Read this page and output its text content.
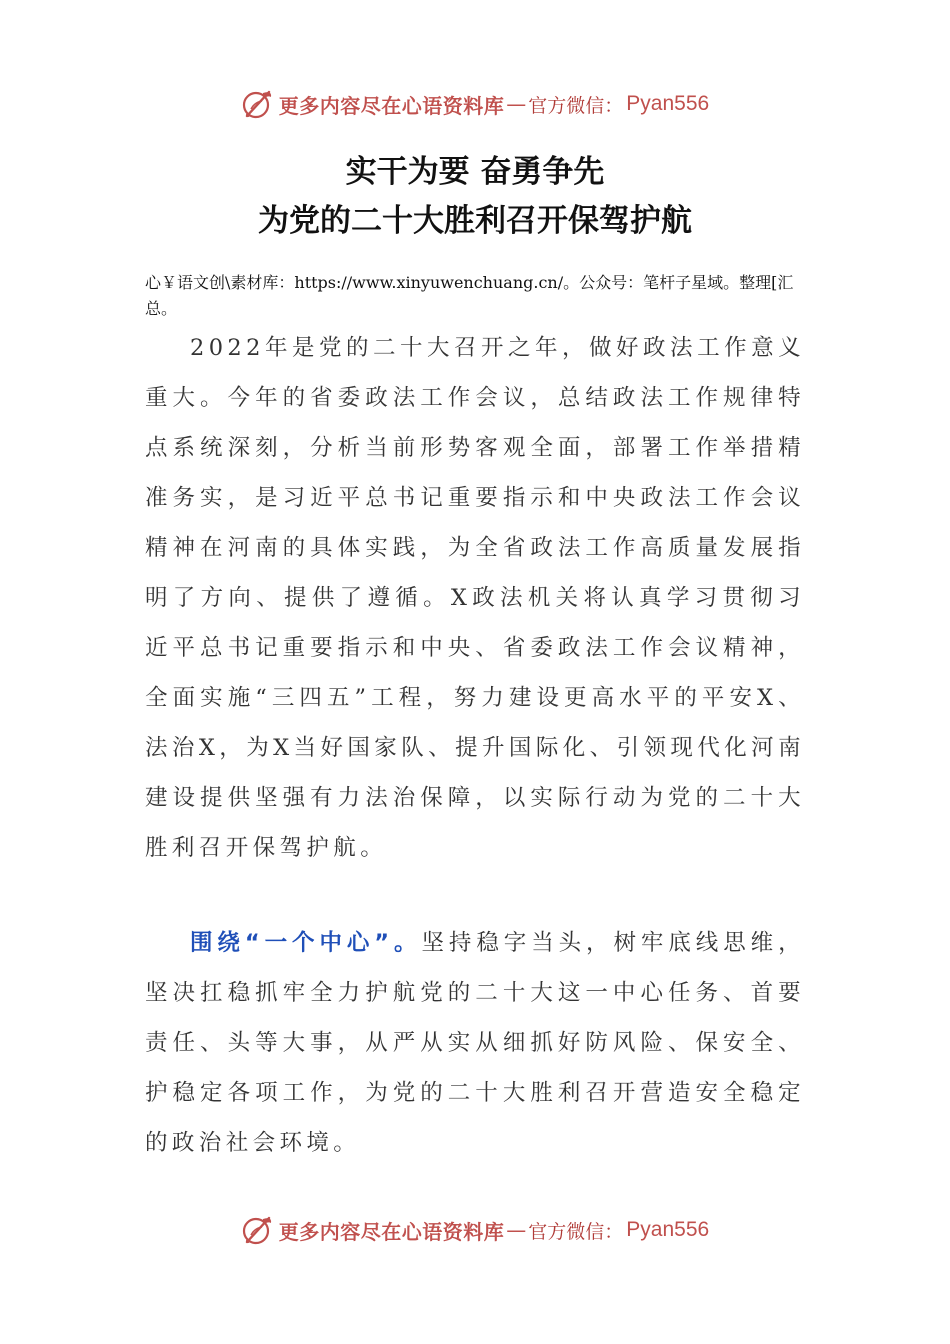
更多内容尽在心语资料库 — 官方微信： Pyan556
实干为要 奋勇争先
为党的二十大胜利召开保驾护航

心￥语文创\素材库：https://www.xinyuwenchuang.cn/。公众号：笔杆子星域。整理[汇总。

2022年是党的二十大召开之年，做好政法工作意义重大。今年的省委政法工作会议，总结政法工作规律特点系统深刻，分析当前形势客观全面，部署工作举措精准务实，是习近平总书记重要指示和中央政法工作会议精神在河南的具体实践，为全省政法工作高质量发展指明了方向、提供了遵循。X政法机关将认真学习贯彻习近平总书记重要指示和中央、省委政法工作会议精神，全面实施“三四五”工程，努力建设更高水平的平安X、法治X，为X当好国家队、提升国际化、引领现代化河南建设提供坚强有力法治保障，以实际行动为党的二十大胜利召开保驾护航。

围绕“一个中心”。坚持稳字当头，树牢底线思维，坚决扛稳抓牢全力护航党的二十大这一中心任务、首要责任、头等大事，从严从实从细抓好防风险、保安全、护稳定各项工作，为党的二十大胜利召开营造安全稳定的政治社会环境。

更多内容尽在心语资料库 — 官方微信： Pyan556
